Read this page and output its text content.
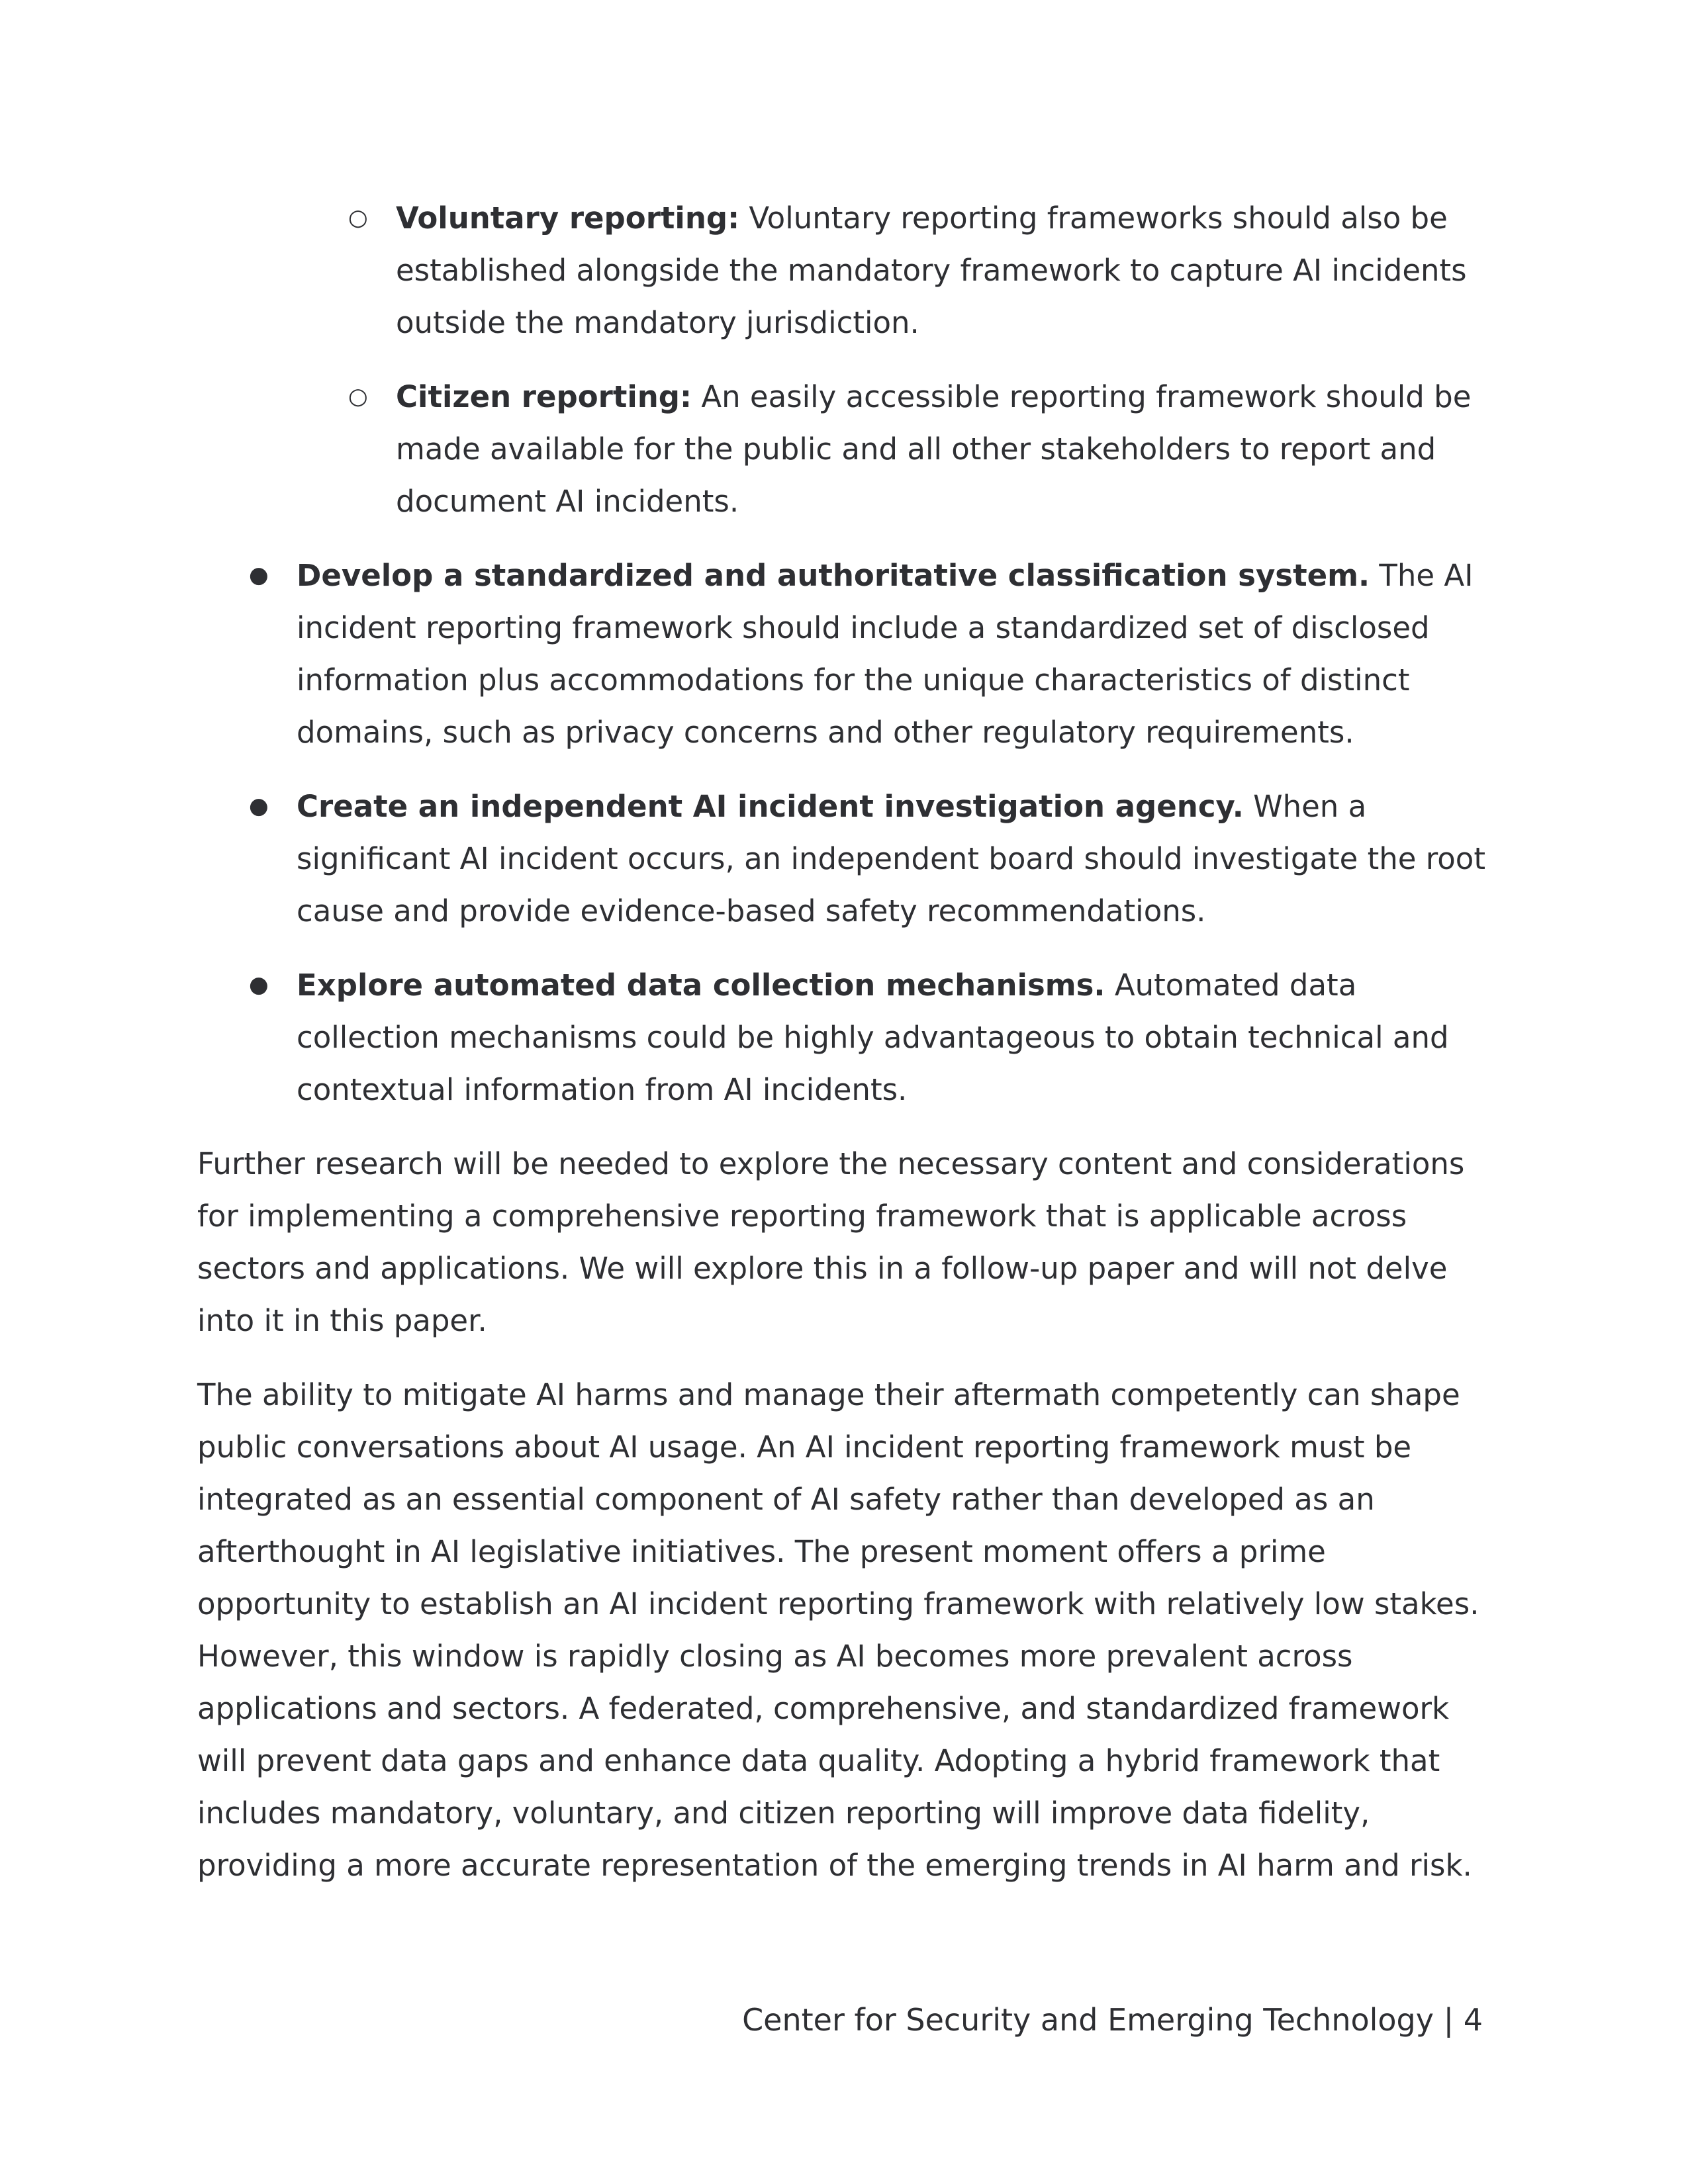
○ Voluntary reporting: Voluntary reporting frameworks should also be established alongside the mandatory framework to capture AI incidents outside the mandatory jurisdiction.
○ Citizen reporting: An easily accessible reporting framework should be made available for the public and all other stakeholders to report and document AI incidents.
● Develop a standardized and authoritative classification system. The AI incident reporting framework should include a standardized set of disclosed information plus accommodations for the unique characteristics of distinct domains, such as privacy concerns and other regulatory requirements.
● Create an independent AI incident investigation agency. When a significant AI incident occurs, an independent board should investigate the root cause and provide evidence-based safety recommendations.
● Explore automated data collection mechanisms. Automated data collection mechanisms could be highly advantageous to obtain technical and contextual information from AI incidents.

Further research will be needed to explore the necessary content and considerations for implementing a comprehensive reporting framework that is applicable across sectors and applications. We will explore this in a follow-up paper and will not delve into it in this paper.

The ability to mitigate AI harms and manage their aftermath competently can shape public conversations about AI usage. An AI incident reporting framework must be integrated as an essential component of AI safety rather than developed as an afterthought in AI legislative initiatives. The present moment offers a prime opportunity to establish an AI incident reporting framework with relatively low stakes. However, this window is rapidly closing as AI becomes more prevalent across applications and sectors. A federated, comprehensive, and standardized framework will prevent data gaps and enhance data quality. Adopting a hybrid framework that includes mandatory, voluntary, and citizen reporting will improve data fidelity, providing a more accurate representation of the emerging trends in AI harm and risk.

Center for Security and Emerging Technology | 4
